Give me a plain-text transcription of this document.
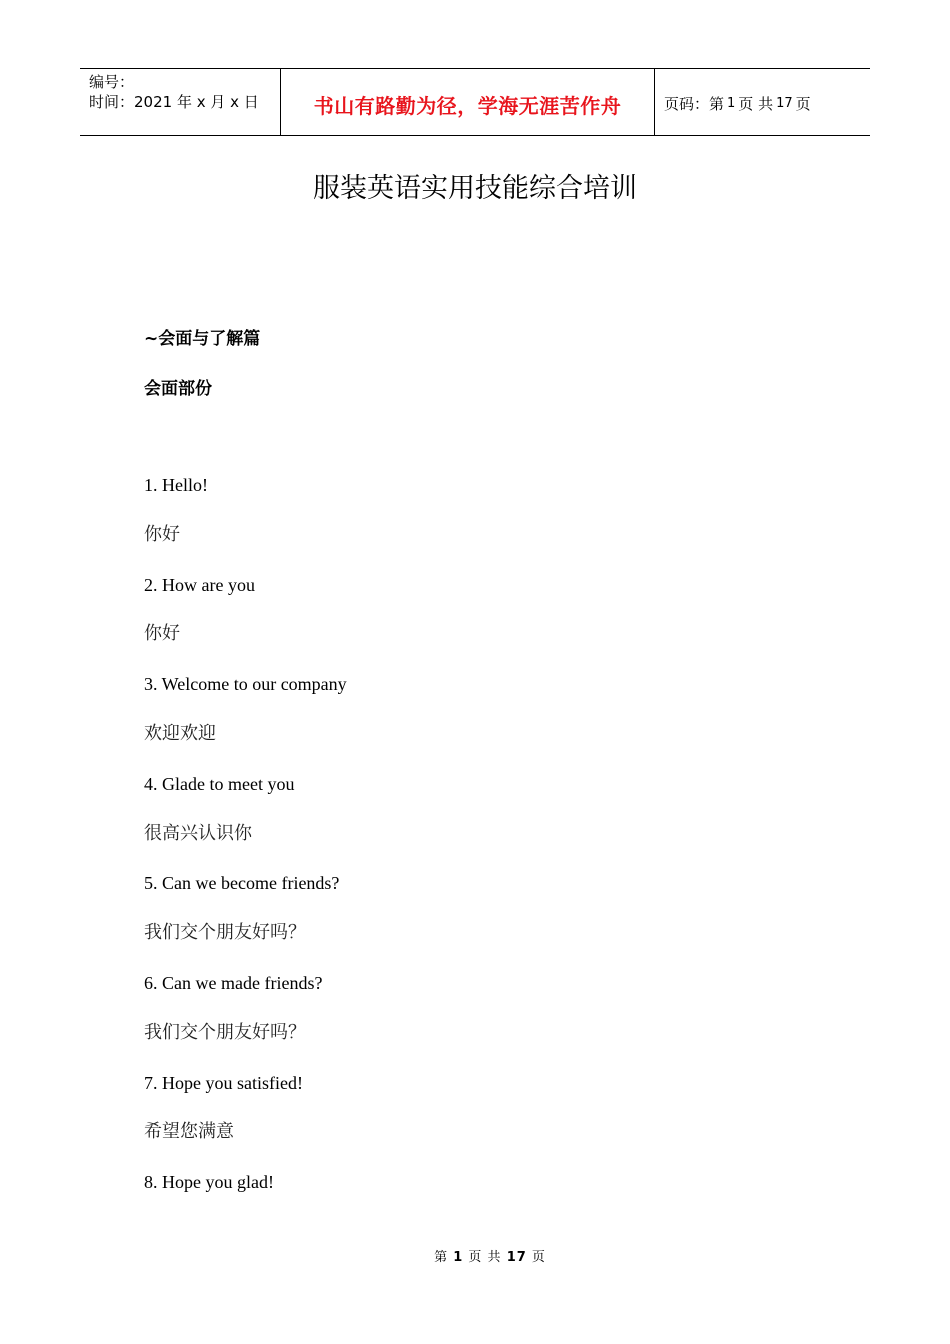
编号：
时间：2021 年 x 月 x 日	书山有路勤为径，学海无涯苦作舟	页码：第 1 页 共 17 页
服装英语实用技能综合培训
∼会面与了解篇
会面部份
1. Hello!
你好
2. How are you
你好
3. Welcome to our company
欢迎欢迎
4. Glade to meet you
很高兴认识你
5. Can we become friends?
我们交个朋友好吗？
6. Can we made friends?
我们交个朋友好吗？
7. Hope you satisfied!
希望您满意
8. Hope you glad!
第 1 页 共 17 页
